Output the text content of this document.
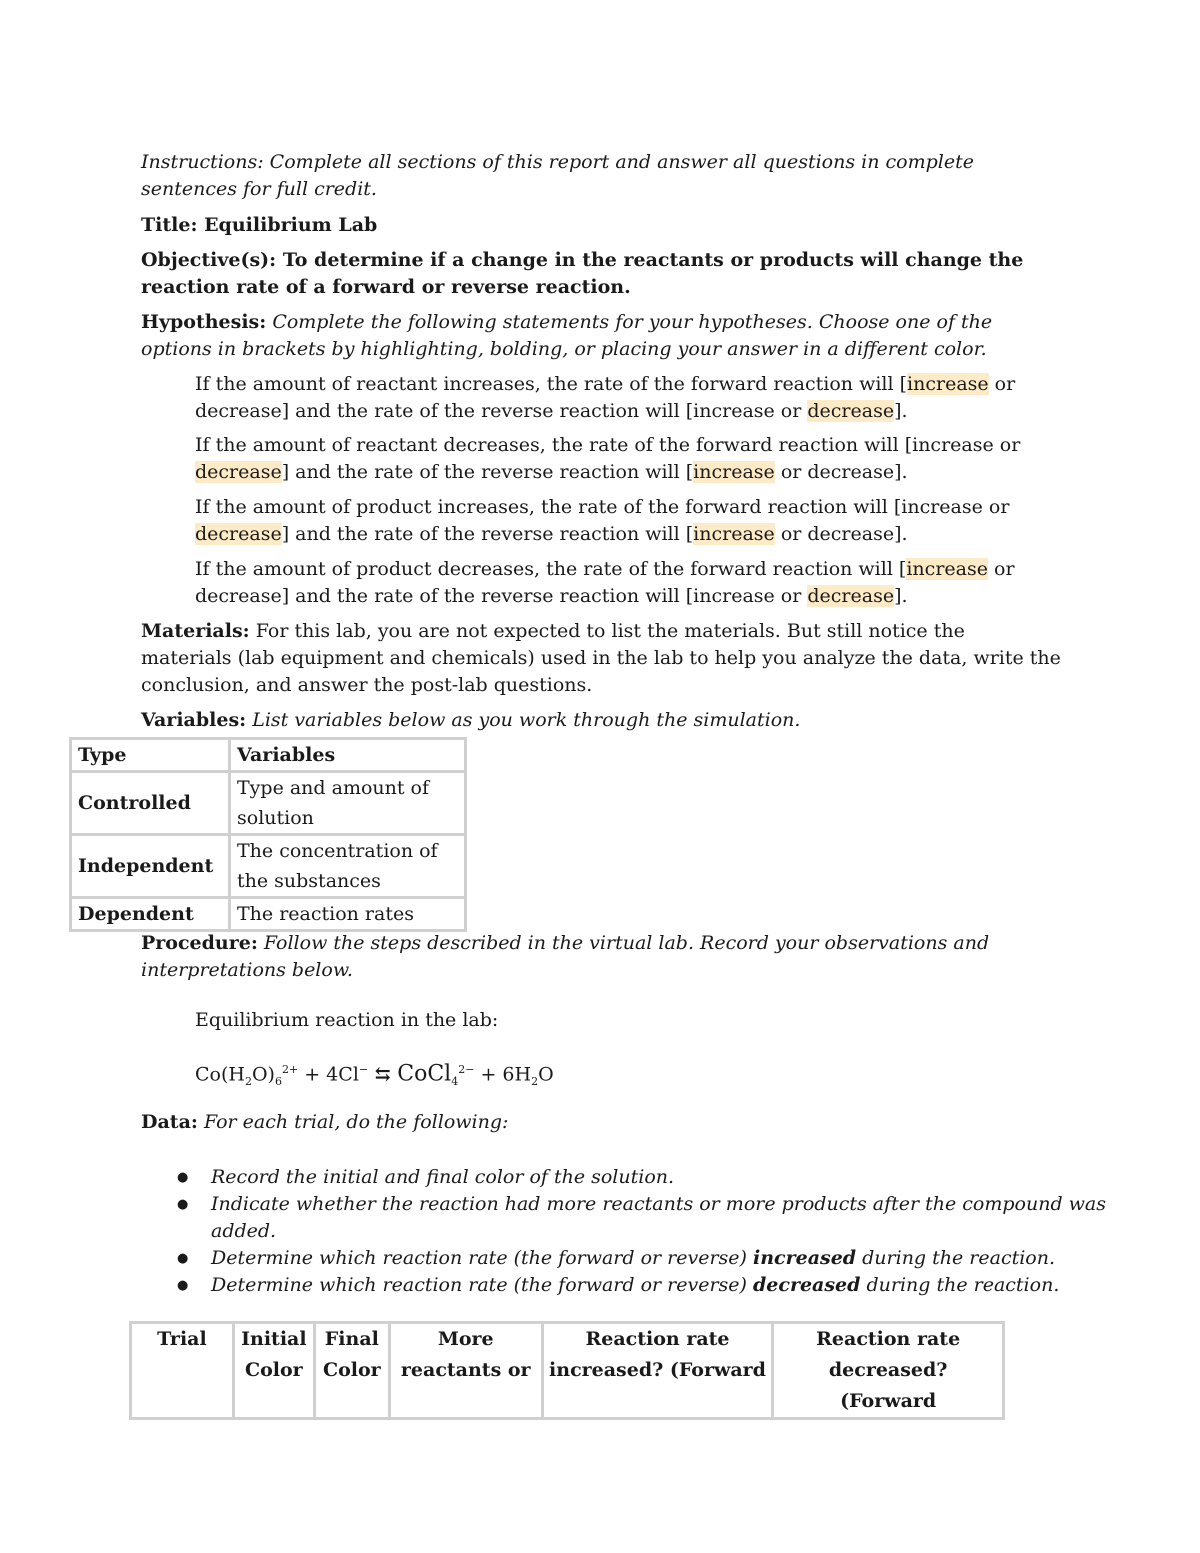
Instructions: Complete all sections of this report and answer all questions in complete sentences for full credit.

Title: Equilibrium Lab

Objective(s): To determine if a change in the reactants or products will change the reaction rate of a forward or reverse reaction.

Hypothesis: Complete the following statements for your hypotheses. Choose one of the options in brackets by highlighting, bolding, or placing your answer in a different color.

If the amount of reactant increases, the rate of the forward reaction will [increase or decrease] and the rate of the reverse reaction will [increase or decrease].

If the amount of reactant decreases, the rate of the forward reaction will [increase or decrease] and the rate of the reverse reaction will [increase or decrease].

If the amount of product increases, the rate of the forward reaction will [increase or decrease] and the rate of the reverse reaction will [increase or decrease].

If the amount of product decreases, the rate of the forward reaction will [increase or decrease] and the rate of the reverse reaction will [increase or decrease].

Materials: For this lab, you are not expected to list the materials. But still notice the materials (lab equipment and chemicals) used in the lab to help you analyze the data, write the conclusion, and answer the post-lab questions.

Variables: List variables below as you work through the simulation.

Type	Variables
Controlled	Type and amount of solution
Independent	The concentration of the substances
Dependent	The reaction rates

Procedure: Follow the steps described in the virtual lab. Record your observations and interpretations below.

Equilibrium reaction in the lab:

$Co(H_2O)_6^{2+} + 4Cl^-$ ⇆ CoCl$_4^{2-}$ + $6H_2O$

Data: For each trial, do the following:

● Record the initial and final color of the solution.
● Indicate whether the reaction had more reactants or more products after the compound was added.
● Determine which reaction rate (the forward or reverse) increased during the reaction.
● Determine which reaction rate (the forward or reverse) decreased during the reaction.
Trial	Initial Color	Final Color	More reactants or	Reaction rate increased? (Forward	Reaction rate decreased? (Forward
